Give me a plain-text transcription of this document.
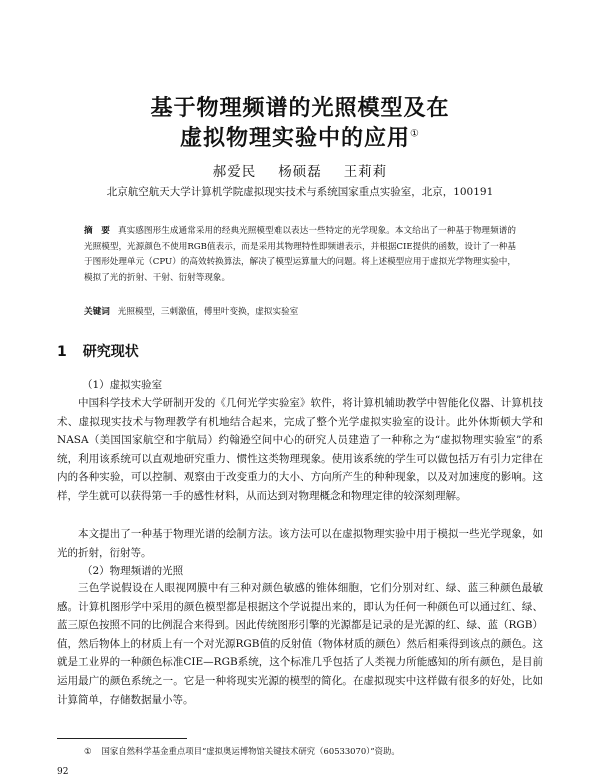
基于物理频谱的光照模型及在
虚拟物理实验中的应用①
郝爱民 杨硕磊 王莉莉
北京航空航天大学计算机学院虚拟现实技术与系统国家重点实验室，北京，100191
摘　要 真实感图形生成通常采用的经典光照模型难以表达一些特定的光学现象。本文给出了一种基于物理频谱的光照模型，光源颜色不使用RGB值表示，而是采用其物理特性即频谱表示，并根据CIE提供的函数，设计了一种基于图形处理单元（CPU）的高效转换算法，解决了模型运算量大的问题。将上述模型应用于虚拟光学物理实验中，模拟了光的折射、干射、衍射等现象。
关键词 光照模型，三刺激值，傅里叶变换，虚拟实验室
1 研究现状
（1）虚拟实验室

中国科学技术大学研制开发的《几何光学实验室》软件，将计算机辅助教学中智能化仪器、计算机技术、虚拟现实技术与物理教学有机地结合起来，完成了整个光学虚拟实验室的设计。此外休斯顿大学和NASA（美国国家航空和宇航局）约翰逊空间中心的研究人员建造了一种称之为“虚拟物理实验室”的系统，利用该系统可以直观地研究重力、惯性这类物理现象。使用该系统的学生可以做包括万有引力定律在内的各种实验，可以控制、观察由于改变重力的大小、方向所产生的种种现象，以及对加速度的影响。这样，学生就可以获得第一手的感性材料，从而达到对物理概念和物理定律的较深刻理解。

本文提出了一种基于物理光谱的绘制方法。该方法可以在虚拟物理实验中用于模拟一些光学现象，如光的折射，衍射等。

（2）物理频谱的光照

三色学说假设在人眼视网膜中有三种对颜色敏感的锥体细胞，它们分别对红、绿、蓝三种颜色最敏感。计算机图形学中采用的颜色模型都是根据这个学说提出来的，即认为任何一种颜色可以通过红、绿、蓝三原色按照不同的比例混合来得到。因此传统图形引擎的光源都是记录的是光源的红、绿、蓝（RGB）值，然后物体上的材质上有一个对光源RGB值的反射值（物体材质的颜色）然后相乘得到该点的颜色。这就是工业界的一种颜色标准CIE—RGB系统，这个标准几乎包括了人类视力所能感知的所有颜色，是目前运用最广的颜色系统之一。它是一种将现实光源的模型的简化。在虚拟现实中这样做有很多的好处，比如计算简单，存储数据量小等。

① 国家自然科学基金重点项目“虚拟奥运博物馆关键技术研究（60533070）”资助。
92
